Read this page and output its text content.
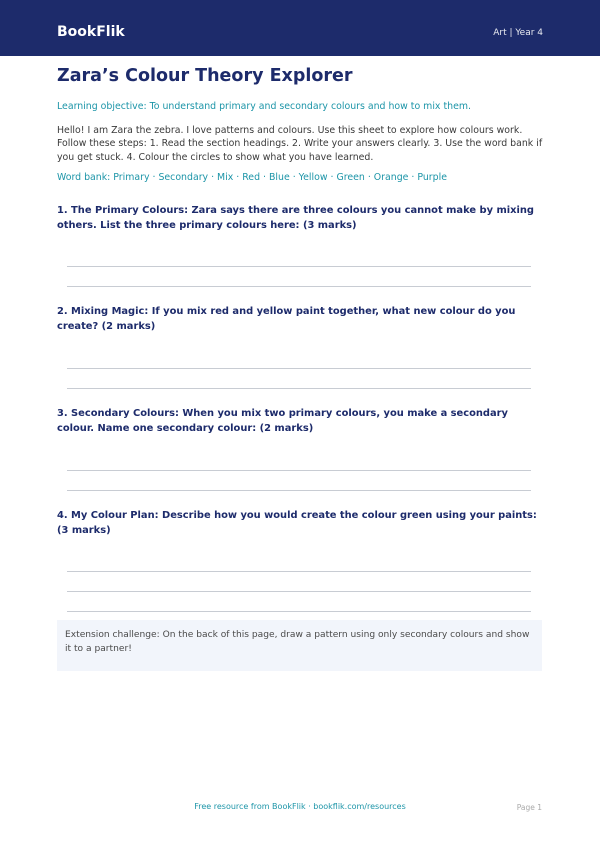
BookFlik	Art | Year 4
Zara’s Colour Theory Explorer
Learning objective: To understand primary and secondary colours and how to mix them.
Hello! I am Zara the zebra. I love patterns and colours. Use this sheet to explore how colours work. Follow these steps: 1. Read the section headings. 2. Write your answers clearly. 3. Use the word bank if you get stuck. 4. Colour the circles to show what you have learned.
Word bank: Primary · Secondary · Mix · Red · Blue · Yellow · Green · Orange · Purple
1. The Primary Colours: Zara says there are three colours you cannot make by mixing others. List the three primary colours here: (3 marks)
2. Mixing Magic: If you mix red and yellow paint together, what new colour do you create? (2 marks)
3. Secondary Colours: When you mix two primary colours, you make a secondary colour. Name one secondary colour: (2 marks)
4. My Colour Plan: Describe how you would create the colour green using your paints: (3 marks)
Extension challenge: On the back of this page, draw a pattern using only secondary colours and show it to a partner!
Free resource from BookFlik · bookflik.com/resources	Page 1
